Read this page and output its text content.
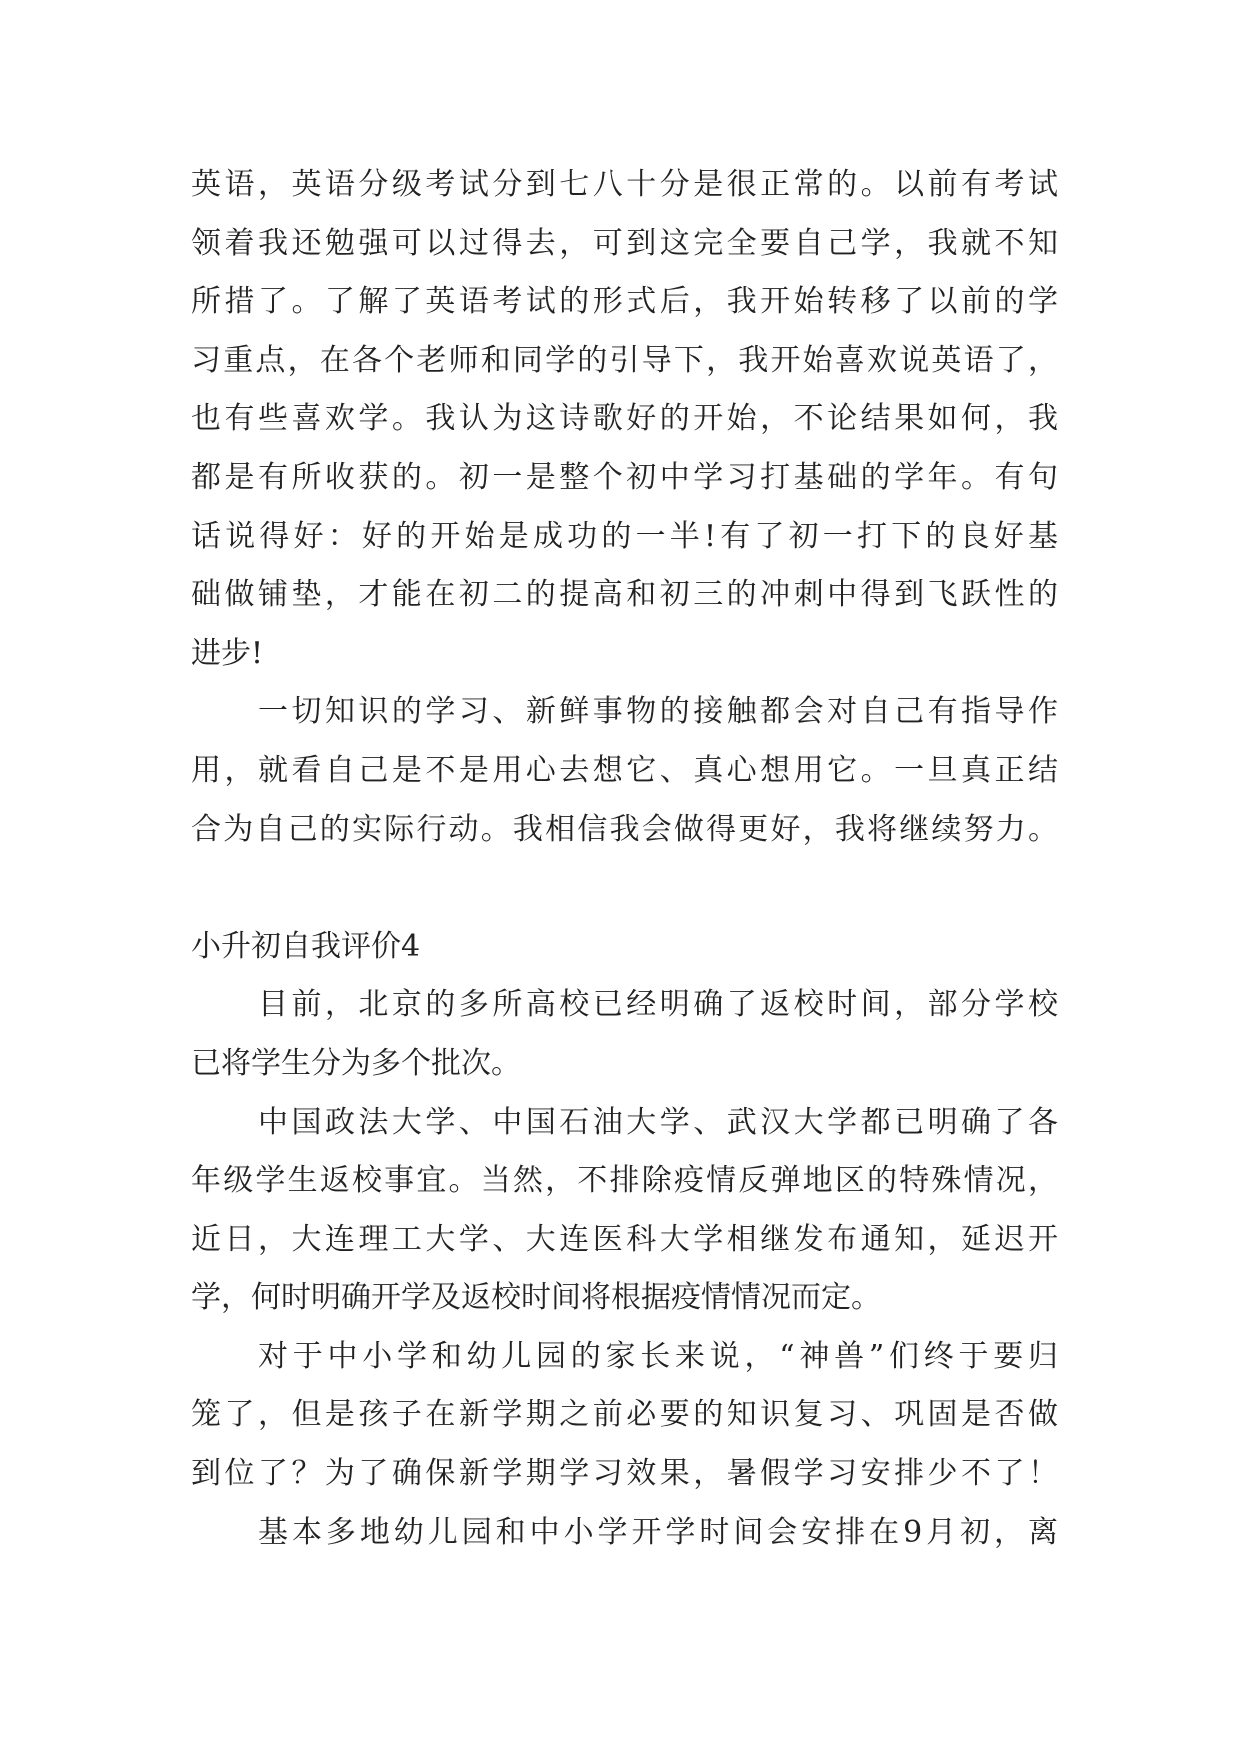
英语，英语分级考试分到七八十分是很正常的。以前有考试
领着我还勉强可以过得去，可到这完全要自己学，我就不知
所措了。了解了英语考试的形式后，我开始转移了以前的学
习重点，在各个老师和同学的引导下，我开始喜欢说英语了，
也有些喜欢学。我认为这诗歌好的开始，不论结果如何，我
都是有所收获的。初一是整个初中学习打基础的学年。有句
话说得好：好的开始是成功的一半!有了初一打下的良好基
础做铺垫，才能在初二的提高和初三的冲刺中得到飞跃性的
进步!
一切知识的学习、新鲜事物的接触都会对自己有指导作
用，就看自己是不是用心去想它、真心想用它。一旦真正结
合为自己的实际行动。我相信我会做得更好，我将继续努力。
小升初自我评价4
目前，北京的多所高校已经明确了返校时间，部分学校
已将学生分为多个批次。
中国政法大学、中国石油大学、武汉大学都已明确了各
年级学生返校事宜。当然，不排除疫情反弹地区的特殊情况，
近日，大连理工大学、大连医科大学相继发布通知，延迟开
学，何时明确开学及返校时间将根据疫情情况而定。
对于中小学和幼儿园的家长来说，“神兽”们终于要归
笼了，但是孩子在新学期之前必要的知识复习、巩固是否做
到位了？为了确保新学期学习效果，暑假学习安排少不了！
基本多地幼儿园和中小学开学时间会安排在9月初，离
